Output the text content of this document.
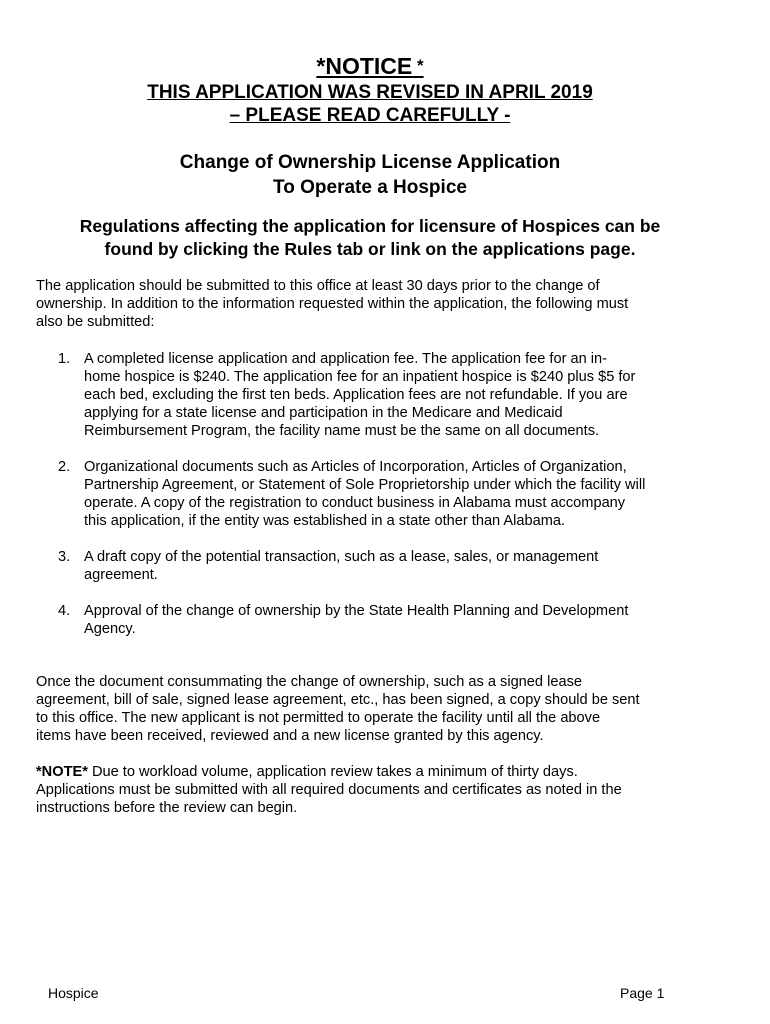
*NOTICE *
THIS APPLICATION WAS REVISED IN APRIL 2019
– PLEASE READ CAREFULLY -
Change of Ownership License Application
To Operate a Hospice
Regulations affecting the application for licensure of Hospices can be
found by clicking the Rules tab or link on the applications page.
The application should be submitted to this office at least 30 days prior to the change of
ownership. In addition to the information requested within the application, the following must
also be submitted:
1. A completed license application and application fee. The application fee for an in-
home hospice is $240. The application fee for an inpatient hospice is $240 plus $5 for
each bed, excluding the first ten beds. Application fees are not refundable. If you are
applying for a state license and participation in the Medicare and Medicaid
Reimbursement Program, the facility name must be the same on all documents.
2. Organizational documents such as Articles of Incorporation, Articles of Organization,
Partnership Agreement, or Statement of Sole Proprietorship under which the facility will
operate. A copy of the registration to conduct business in Alabama must accompany
this application, if the entity was established in a state other than Alabama.
3. A draft copy of the potential transaction, such as a lease, sales, or management
agreement.
4. Approval of the change of ownership by the State Health Planning and Development
Agency.
Once the document consummating the change of ownership, such as a signed lease
agreement, bill of sale, signed lease agreement, etc., has been signed, a copy should be sent
to this office. The new applicant is not permitted to operate the facility until all the above
items have been received, reviewed and a new license granted by this agency.
*NOTE* Due to workload volume, application review takes a minimum of thirty days.
Applications must be submitted with all required documents and certificates as noted in the
instructions before the review can begin.
Hospice	Page 1
